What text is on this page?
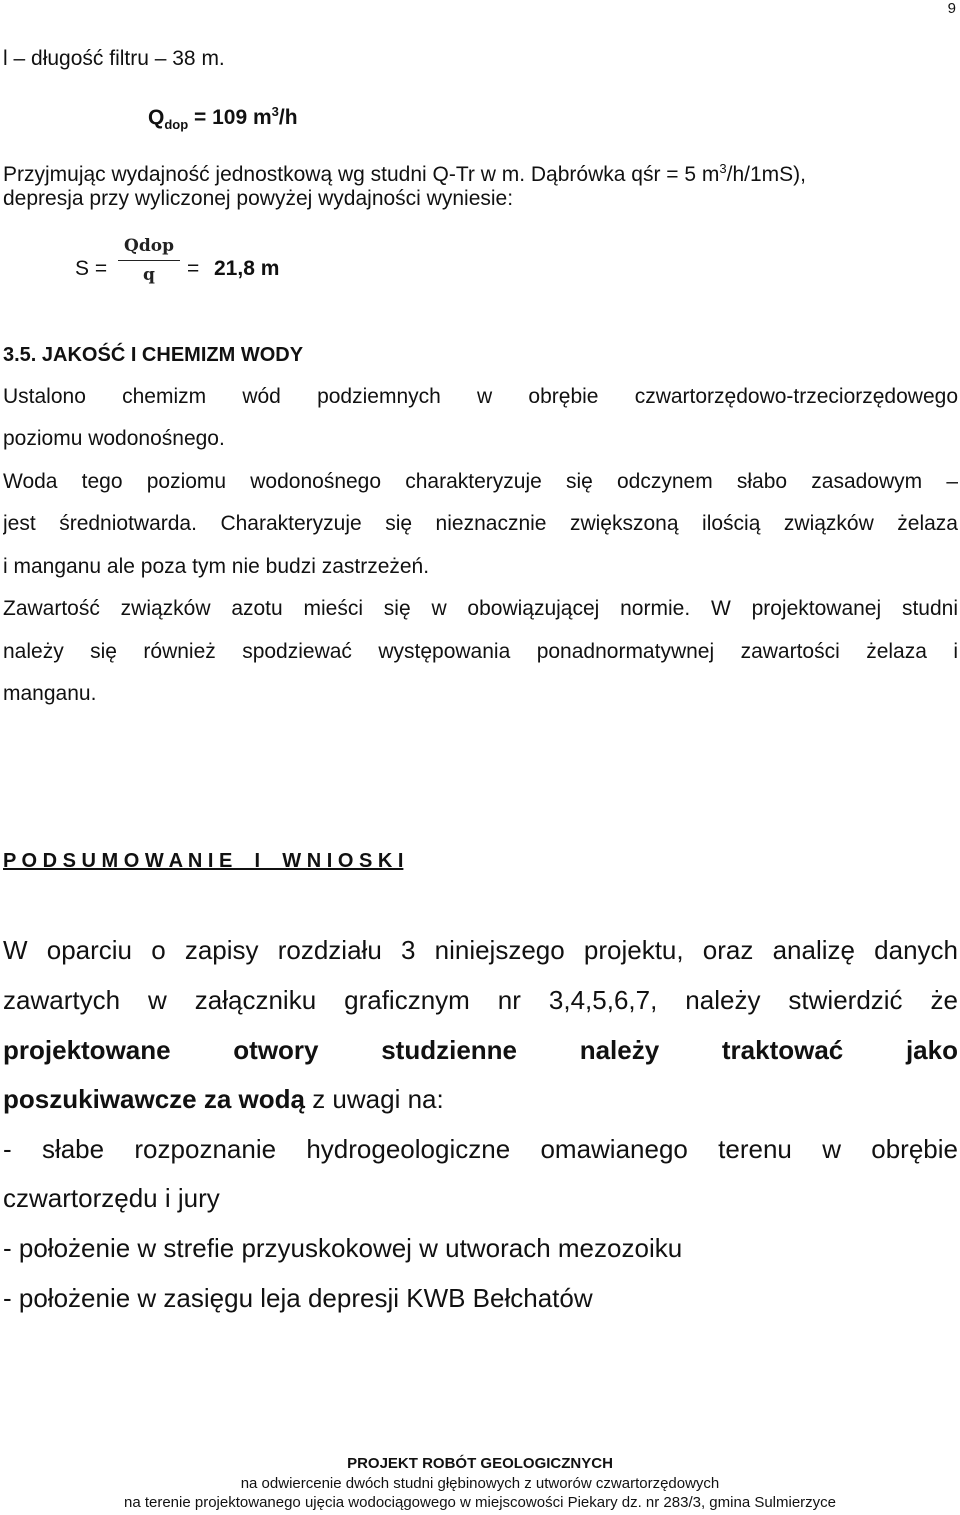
9
l – długość filtru – 38 m.
$Q_{dop} = 109$ $m^3/h$
Przyjmując wydajność jednostkową wg studni Q-Tr w m. Dąbrówka qśr = 5 $m^3/h/1mS$),
depresja przy wyliczonej powyżej wydajności wyniesie:
S =
Qdop
q	= 21,8 m
3.5. JAKOŚĆ I CHEMIZM WODY
Ustalono chemizm wód podziemnych w obrębie czwartorzędowo-trzeciorzędowego
poziomu wodonośnego.
Woda tego poziomu wodonośnego charakteryzuje się odczynem słabo zasadowym –
jest średniotwarda. Charakteryzuje się nieznacznie zwiększoną ilością związków żelaza
i manganu ale poza tym nie budzi zastrzeżeń.
Zawartość związków azotu mieści się w obowiązującej normie. W projektowanej studni
należy się również spodziewać występowania ponadnormatywnej zawartości żelaza i
manganu.
P O D S U M O W A N I E    I    W N I O S K I
W oparciu o zapisy rozdziału 3 niniejszego projektu, oraz analizę danych
zawartych w załączniku graficznym nr 3,4,5,6,7, należy stwierdzić że
projektowane otwory studzienne należy traktować jako
poszukiwawcze za wodą z uwagi na:
- słabe rozpoznanie hydrogeologiczne omawianego terenu w obrębie
czwartorzędu i jury
- położenie w strefie przyuskokowej w utworach mezozoiku
- położenie w zasięgu leja depresji KWB Bełchatów
PROJEKT ROBÓT GEOLOGICZNYCH
na odwiercenie dwóch studni głębinowych z utworów czwartorzędowych
na terenie projektowanego ujęcia wodociągowego w miejscowości Piekary dz. nr 283/3, gmina Sulmierzyce
